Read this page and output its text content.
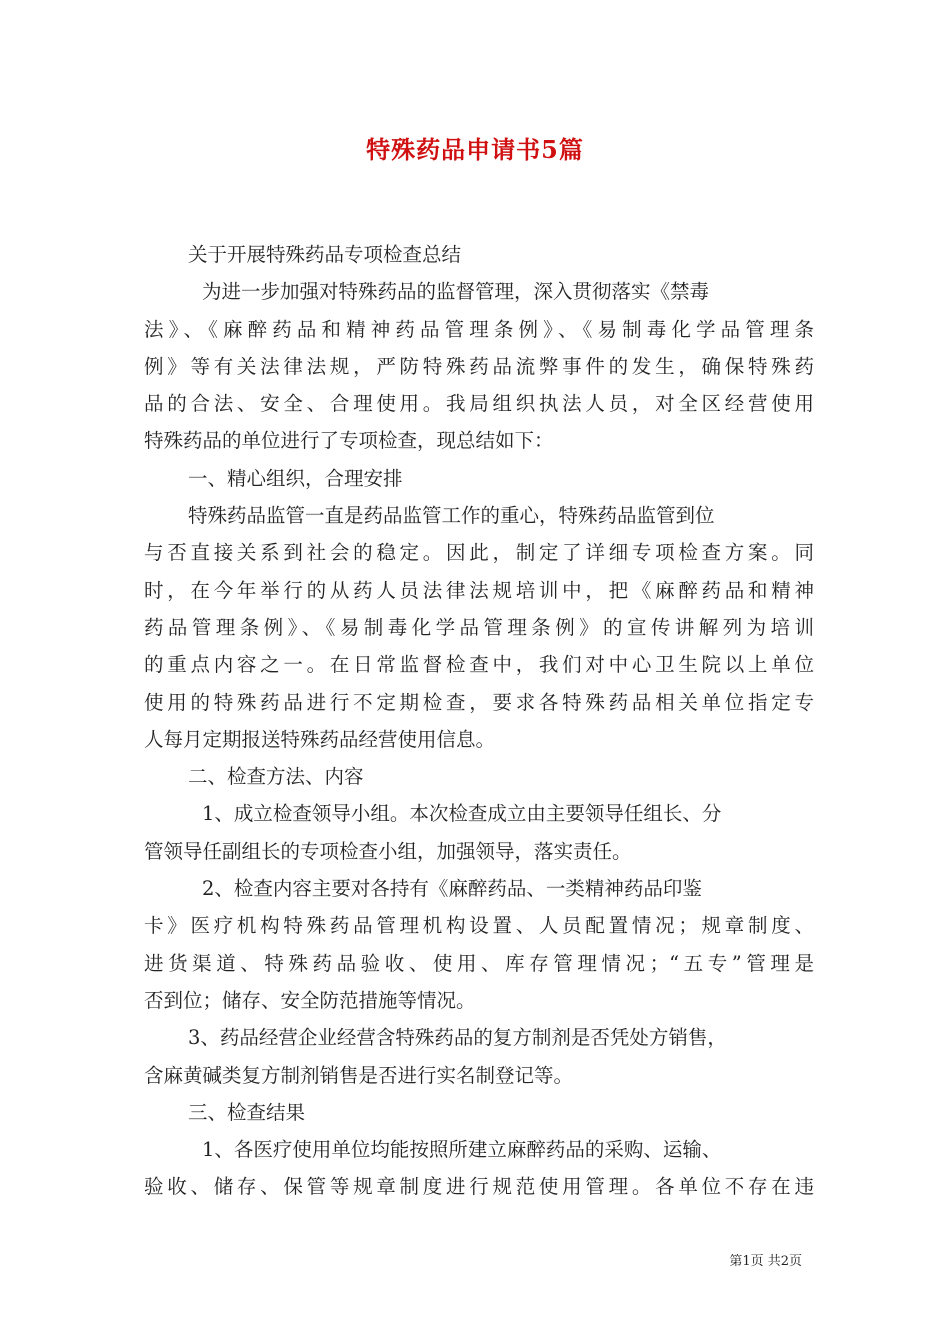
特殊药品申请书5篇
关于开展特殊药品专项检查总结
为进一步加强对特殊药品的监督管理，深入贯彻落实《禁毒
法》、《麻醉药品和精神药品管理条例》、《易制毒化学品管理条
例》等有关法律法规，严防特殊药品流弊事件的发生，确保特殊药
品的合法、安全、合理使用。我局组织执法人员，对全区经营使用
特殊药品的单位进行了专项检查，现总结如下：
一、精心组织，合理安排
特殊药品监管一直是药品监管工作的重心，特殊药品监管到位
与否直接关系到社会的稳定。因此，制定了详细专项检查方案。同
时，在今年举行的从药人员法律法规培训中，把《麻醉药品和精神
药品管理条例》、《易制毒化学品管理条例》的宣传讲解列为培训
的重点内容之一。在日常监督检查中，我们对中心卫生院以上单位
使用的特殊药品进行不定期检查，要求各特殊药品相关单位指定专
人每月定期报送特殊药品经营使用信息。
二、检查方法、内容
1、成立检查领导小组。本次检查成立由主要领导任组长、分
管领导任副组长的专项检查小组，加强领导，落实责任。
2、检查内容主要对各持有《麻醉药品、一类精神药品印鉴
卡》医疗机构特殊药品管理机构设置、人员配置情况；规章制度、
进货渠道、特殊药品验收、使用、库存管理情况；“五专”管理是
否到位；储存、安全防范措施等情况。
3、药品经营企业经营含特殊药品的复方制剂是否凭处方销售，
含麻黄碱类复方制剂销售是否进行实名制登记等。
三、检查结果
1、各医疗使用单位均能按照所建立麻醉药品的采购、运输、
验收、储存、保管等规章制度进行规范使用管理。各单位不存在违
第1页 共2页
